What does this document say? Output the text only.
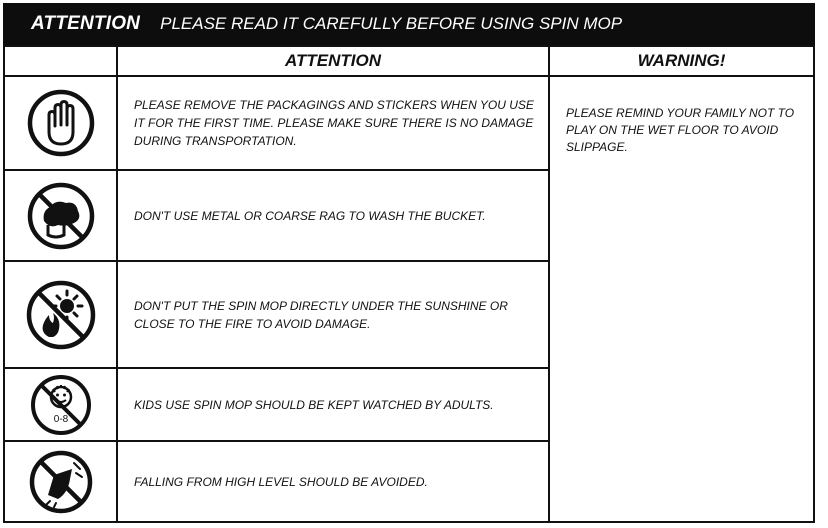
ATTENTION PLEASE READ IT CAREFULLY BEFORE USING SPIN MOP
ATTENTION	WARNING!
PLEASE REMOVE THE PACKAGINGS AND STICKERS WHEN YOU USE IT FOR THE FIRST TIME. PLEASE MAKE SURE THERE IS NO DAMAGE DURING TRANSPORTATION.
DON'T USE METAL OR COARSE RAG TO WASH THE BUCKET.
DON'T PUT THE SPIN MOP DIRECTLY UNDER THE SUNSHINE OR CLOSE TO THE FIRE TO AVOID DAMAGE.
0-8
KIDS USE SPIN MOP SHOULD BE KEPT WATCHED BY ADULTS.
FALLING FROM HIGH LEVEL SHOULD BE AVOIDED.
PLEASE REMIND YOUR FAMILY NOT TO PLAY ON THE WET FLOOR TO AVOID SLIPPAGE.
